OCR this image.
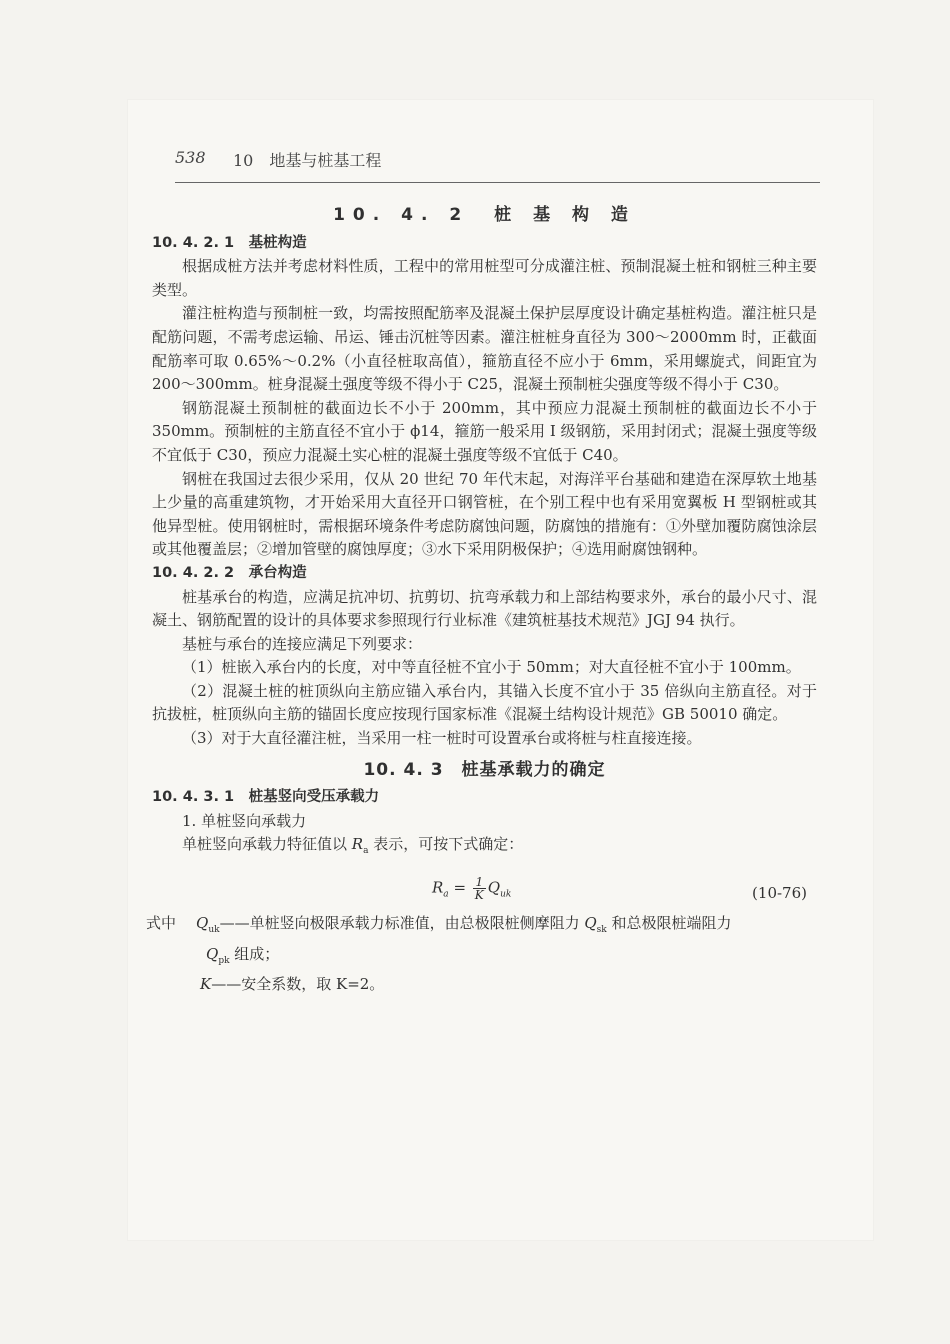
538 10　地基与桩基工程
10. 4. 2　桩 基 构 造
10. 4. 2. 1　基桩构造

根据成桩方法并考虑材料性质，工程中的常用桩型可分成灌注桩、预制混凝土桩和钢桩三种主要类型。

灌注桩构造与预制桩一致，均需按照配筋率及混凝土保护层厚度设计确定基桩构造。灌注桩只是配筋问题，不需考虑运输、吊运、锤击沉桩等因素。灌注桩桩身直径为 300～2000mm 时，正截面配筋率可取 0.65%～0.2%（小直径桩取高值），箍筋直径不应小于 6mm，采用螺旋式，间距宜为 200～300mm。桩身混凝土强度等级不得小于 C25，混凝土预制桩尖强度等级不得小于 C30。

钢筋混凝土预制桩的截面边长不小于 200mm，其中预应力混凝土预制桩的截面边长不小于 350mm。预制桩的主筋直径不宜小于 ϕ14，箍筋一般采用 I 级钢筋，采用封闭式；混凝土强度等级不宜低于 C30，预应力混凝土实心桩的混凝土强度等级不宜低于 C40。

钢桩在我国过去很少采用，仅从 20 世纪 70 年代末起，对海洋平台基础和建造在深厚软土地基上少量的高重建筑物，才开始采用大直径开口钢管桩，在个别工程中也有采用宽翼板 H 型钢桩或其他异型桩。使用钢桩时，需根据环境条件考虑防腐蚀问题，防腐蚀的措施有：①外壁加覆防腐蚀涂层或其他覆盖层；②增加管壁的腐蚀厚度；③水下采用阴极保护；④选用耐腐蚀钢种。

10. 4. 2. 2　承台构造

桩基承台的构造，应满足抗冲切、抗剪切、抗弯承载力和上部结构要求外，承台的最小尺寸、混凝土、钢筋配置的设计的具体要求参照现行行业标准《建筑桩基技术规范》JGJ 94 执行。

基桩与承台的连接应满足下列要求：

（1）桩嵌入承台内的长度，对中等直径桩不宜小于 50mm；对大直径桩不宜小于 100mm。

（2）混凝土桩的桩顶纵向主筋应锚入承台内，其锚入长度不宜小于 35 倍纵向主筋直径。对于抗拔桩，桩顶纵向主筋的锚固长度应按现行国家标准《混凝土结构设计规范》GB 50010 确定。

（3）对于大直径灌注桩，当采用一柱一桩时可设置承台或将桩与柱直接连接。

10. 4. 3　桩基承载力的确定
10. 4. 3. 1　桩基竖向受压承载力

1. 单桩竖向承载力

单桩竖向承载力特征值以 $R_a$ 表示，可按下式确定：

$R_a = \frac{1}{K} Q_{uk}$	(10-76)
式中 $Q_{uk}——$单桩竖向极限承载力标准值，由总极限桩侧摩阻力 $Q_{sk}$ 和总极限桩端阻力
$Q_{pk}$ 组成；
K——安全系数，取 K=2。
